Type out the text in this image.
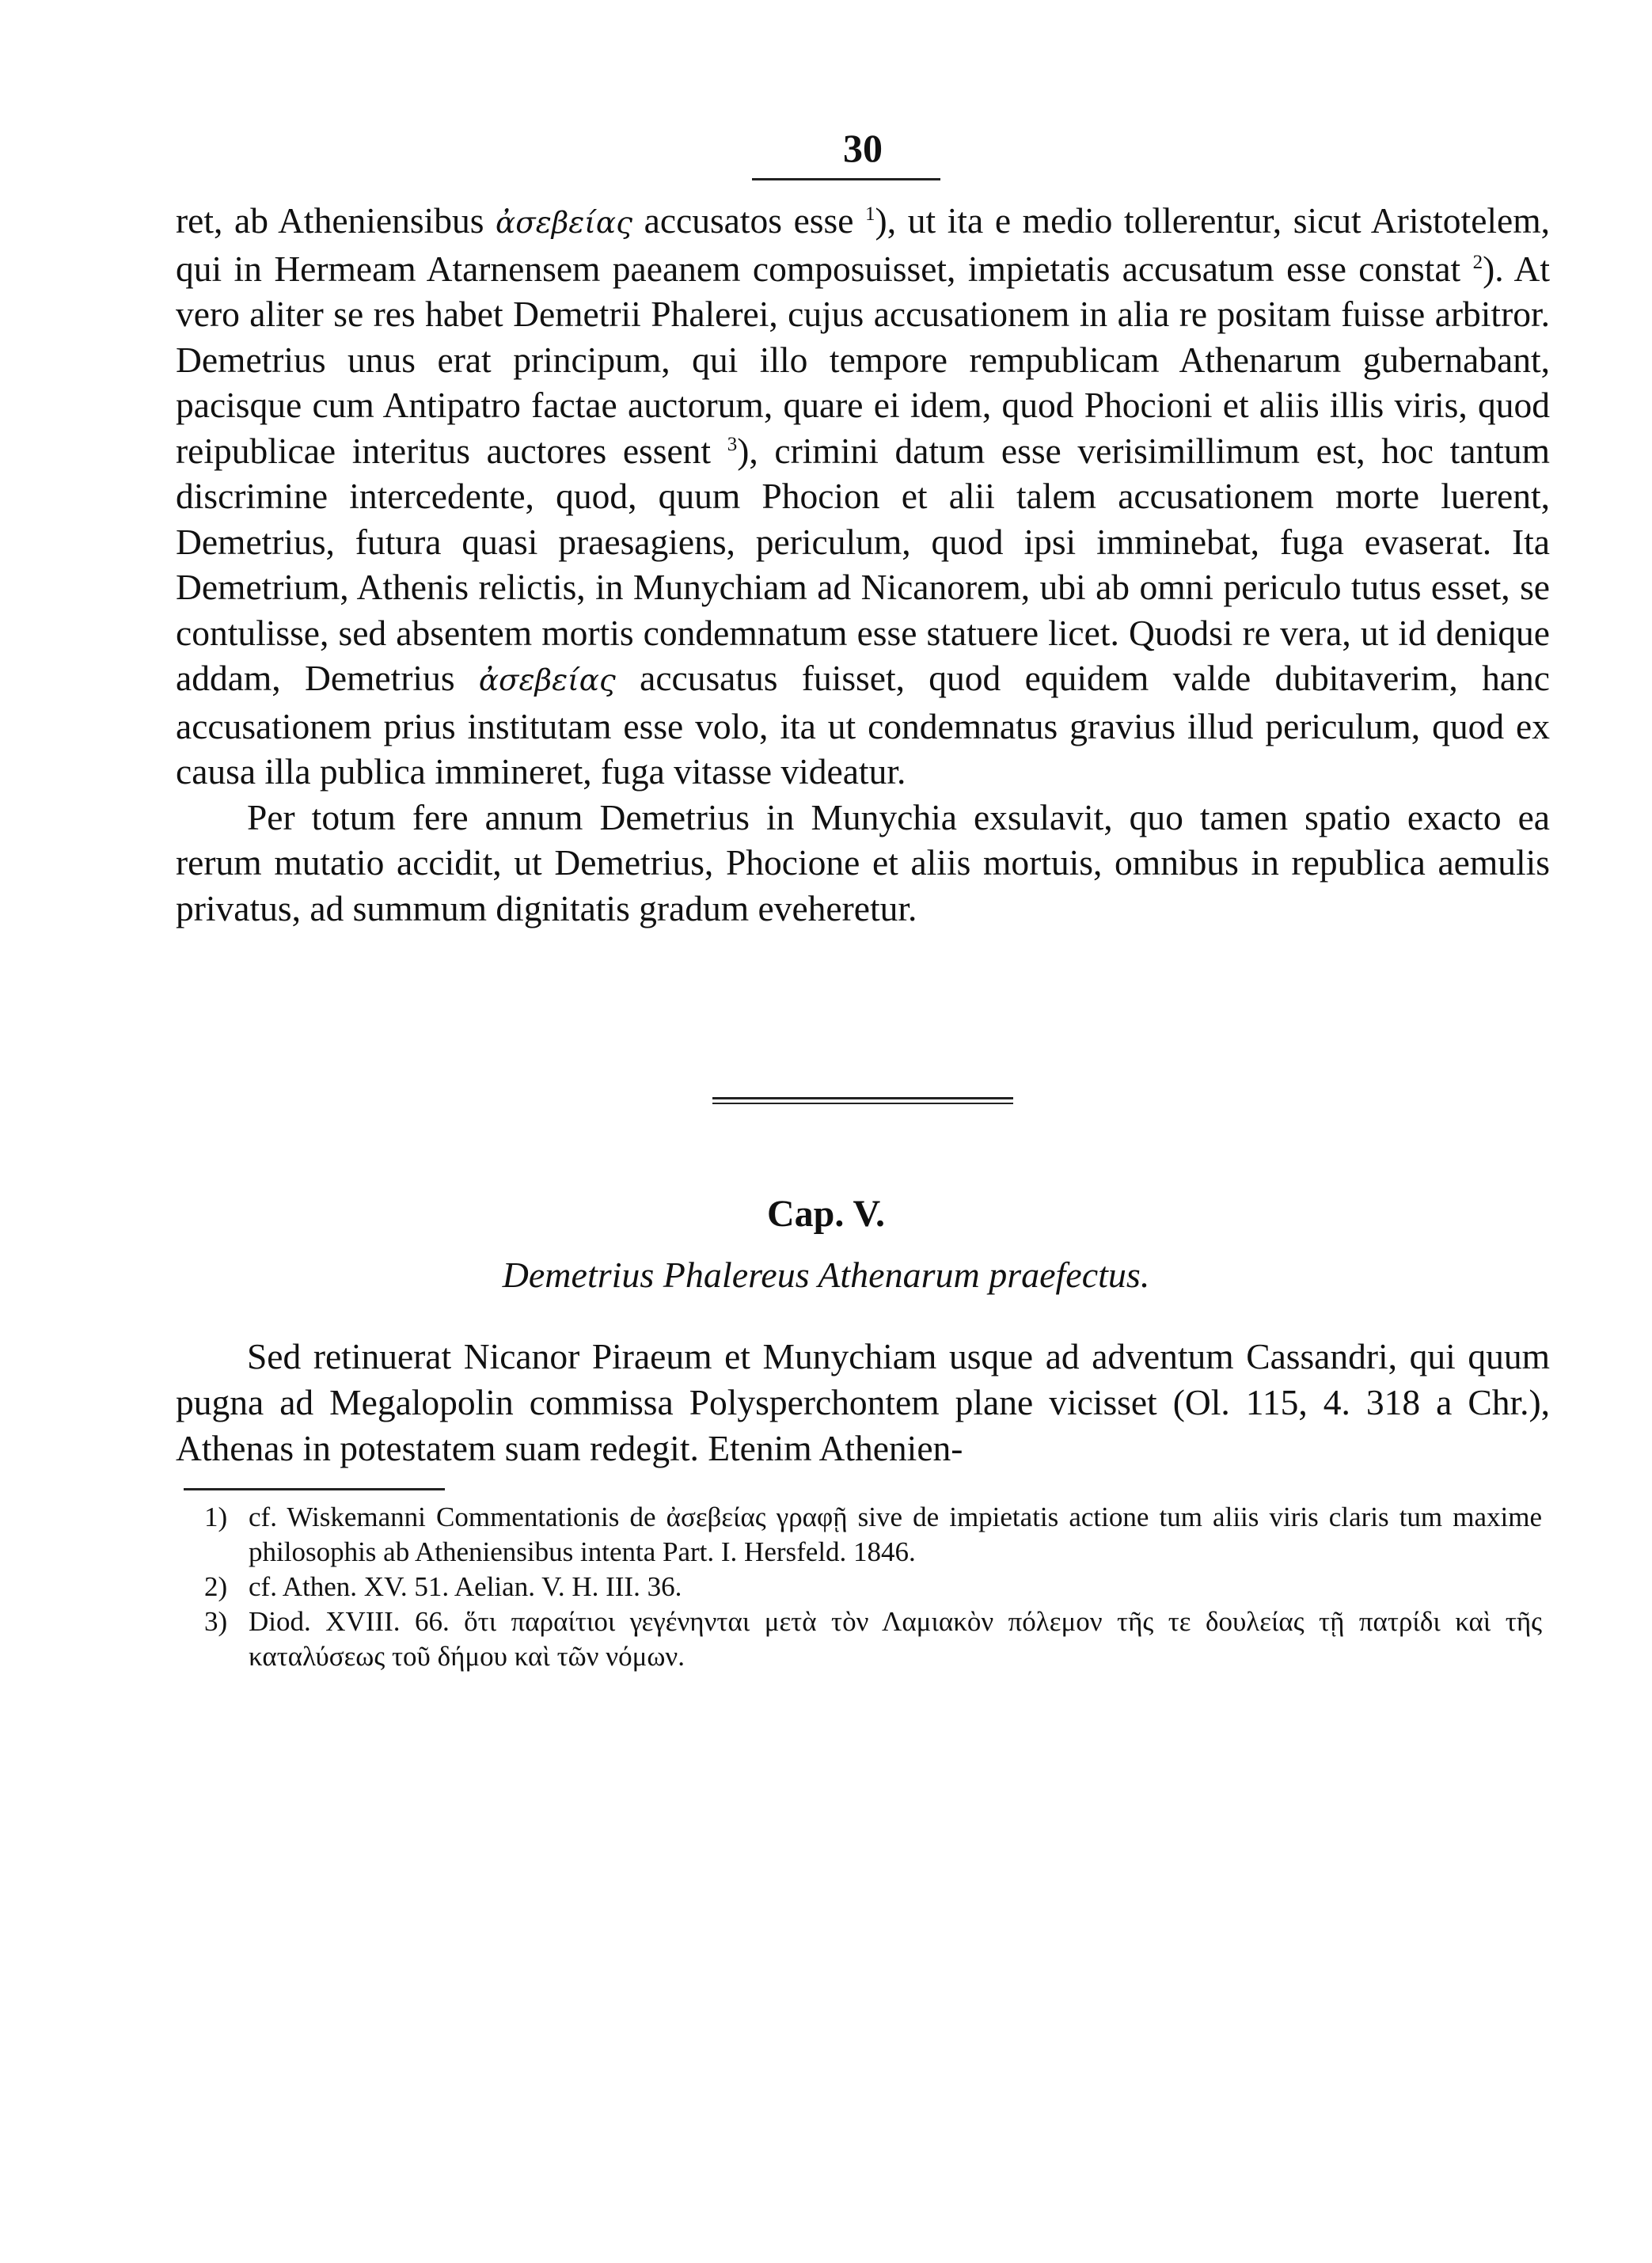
30

ret, ab Atheniensibus ἀσεβείας accusatos esse $^1$), ut ita e medio tollerentur, sicut Aristotelem, qui in Hermeam Atarnensem paeanem composuisset, impietatis accusatum esse constat $^2$). At vero aliter se res habet Demetrii Phalerei, cujus accusationem in alia re positam fuisse arbitror. Demetrius unus erat principum, qui illo tempore rempublicam Athenarum gubernabant, pacisque cum Antipatro factae auctorum, quare ei idem, quod Phocioni et aliis illis viris, quod reipublicae interitus auctores essent $^3$), crimini datum esse verisimillimum est, hoc tantum discrimine intercedente, quod, quum Phocion et alii talem accusationem morte luerent, Demetrius, futura quasi praesagiens, periculum, quod ipsi imminebat, fuga evaserat. Ita Demetrium, Athenis relictis, in Munychiam ad Nicanorem, ubi ab omni periculo tutus esset, se contulisse, sed absentem mortis condemnatum esse statuere licet. Quodsi re vera, ut id denique addam, Demetrius ἀσεβείας accusatus fuisset, quod equidem valde dubitaverim, hanc accusationem prius institutam esse volo, ita ut condemnatus gravius illud periculum, quod ex causa illa publica immineret, fuga vitasse videatur.

Per totum fere annum Demetrius in Munychia exsulavit, quo tamen spatio exacto ea rerum mutatio accidit, ut Demetrius, Phocione et aliis mortuis, omnibus in republica aemulis privatus, ad summum dignitatis gradum eveheretur.

Cap. V.
Demetrius Phalereus Athenarum praefectus.

Sed retinuerat Nicanor Piraeum et Munychiam usque ad adventum Cassandri, qui quum pugna ad Megalopolin commissa Polysperchontem plane vicisset (Ol. 115, 4. 318 a Chr.), Athenas in potestatem suam redegit. Etenim Athenien-

1) cf. Wiskemanni Commentationis de ἀσεβείας γραφῇ sive de impietatis actione tum aliis viris claris tum maxime philosophis ab Atheniensibus intenta Part. I. Hersfeld. 1846.
2) cf. Athen. XV. 51. Aelian. V. H. III. 36.
3) Diod. XVIII. 66. ὅτι παραίτιοι γεγένηνται μετὰ τὸν Λαμιακὸν πόλεμον τῆς τε δουλείας τῇ πατρίδι καὶ τῆς καταλύσεως τοῦ δήμου καὶ τῶν νόμων.
